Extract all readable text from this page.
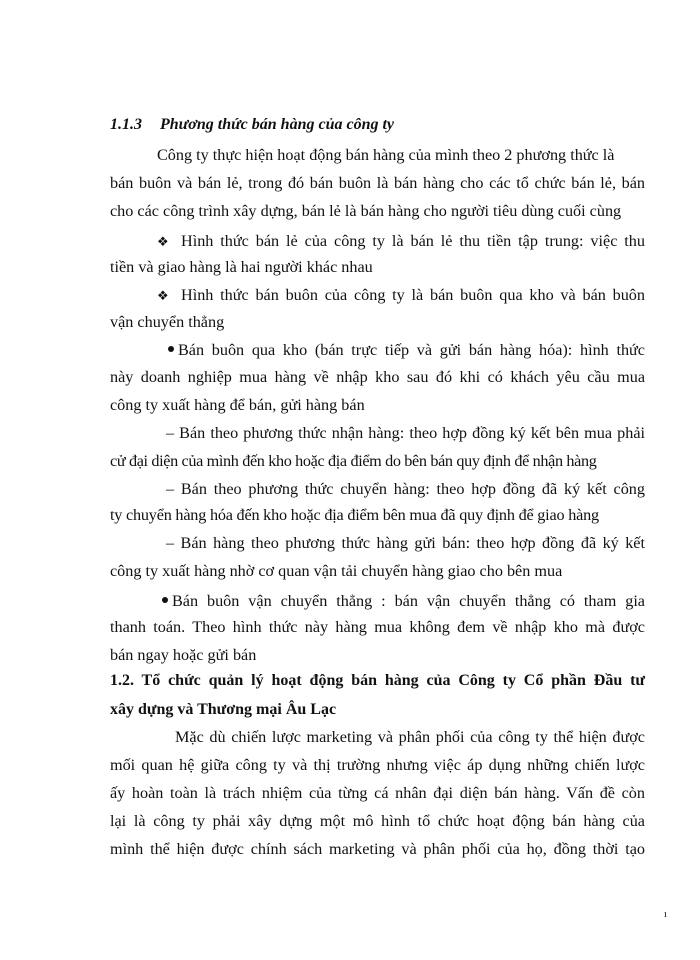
1.1.3 Phương thức bán hàng của công ty
Công ty thực hiện hoạt động bán hàng của mình theo 2 phương thức là
bán buôn và bán lẻ, trong đó bán buôn là bán hàng cho các tổ chức bán lẻ, bán
cho các công trình xây dựng, bán lẻ là bán hàng cho người tiêu dùng cuối cùng
❖ Hình thức bán lẻ của công ty là bán lẻ thu tiền tập trung: việc thu
tiền và giao hàng là hai người khác nhau
❖ Hình thức bán buôn của công ty là bán buôn qua kho và bán buôn
vận chuyển thẳng
Bán buôn qua kho (bán trực tiếp và gửi bán hàng hóa): hình thức
này doanh nghiệp mua hàng về nhập kho sau đó khi có khách yêu cầu mua
công ty xuất hàng để bán, gửi hàng bán
– Bán theo phương thức nhận hàng: theo hợp đồng ký kết bên mua phải
cử đại diện của mình đến kho hoặc địa điểm do bên bán quy định để nhận hàng
– Bán theo phương thức chuyển hàng: theo hợp đồng đã ký kết công
ty chuyển hàng hóa đến kho hoặc địa điểm bên mua đã quy định để giao hàng
– Bán hàng theo phương thức hàng gửi bán: theo hợp đồng đã ký kết
công ty xuất hàng nhờ cơ quan vận tải chuyển hàng giao cho bên mua
Bán buôn vận chuyển thẳng : bán vận chuyển thẳng có tham gia
thanh toán. Theo hình thức này hàng mua không đem về nhập kho mà được
bán ngay hoặc gửi bán
1.2. Tổ chức quản lý hoạt động bán hàng của Công ty Cổ phần Đầu tư
xây dựng và Thương mại Âu Lạc
Mặc dù chiến lược marketing và phân phối của công ty thể hiện được
mối quan hệ giữa công ty và thị trường nhưng việc áp dụng những chiến lược
ấy hoàn toàn là trách nhiệm của từng cá nhân đại diện bán hàng. Vấn đề còn
lại là công ty phải xây dựng một mô hình tổ chức hoạt động bán hàng của
mình thể hiện được chính sách marketing và phân phối của họ, đồng thời tạo
ı
